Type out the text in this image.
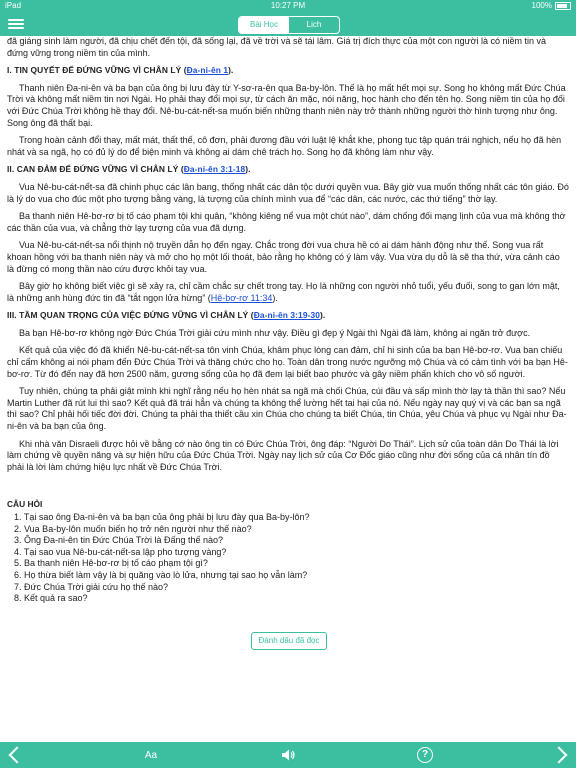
iPad	10:27 PM	100%
Bài Học	Lịch

đã giáng sinh làm người, đã chịu chết đến tội, đã sống lại, đã về trời và sẽ tái lâm. Giá trị đích thực của một con người là có niềm tin và đứng vững trong niềm tin của mình.

I. TIN QUYẾT ĐỂ ĐỨNG VỮNG VÌ CHÂN LÝ (Đa-ni-ên 1).

Thanh niên Đa-ni-ên và ba bạn của ông bị lưu đày từ Y-sơ-ra-ên qua Ba-by-lôn. Thế là họ mất hết mọi sự. Song họ không mất Đức Chúa Trời và không mất niềm tin nơi Ngài. Họ phải thay đổi mọi sự, từ cách ăn mặc, nói năng, học hành cho đến tên họ. Song niềm tin của họ đối với Đức Chúa Trời không hề thay đổi. Nê-bu-cát-nết-sa muốn biến những thanh niên này trở thành những người thờ hình tượng như ông. Song ông đã thất bại.

Trong hoàn cảnh đổi thay, mất mát, thất thế, cô đơn, phải đương đầu với luật lệ khắt khe, phong tục tập quán trái nghịch, nếu họ đã hèn nhát và sa ngã, họ có đủ lý do để biện minh và không ai dám chê trách họ. Song họ đã không làm như vậy.

II. CAN ĐẢM ĐỂ ĐỨNG VỮNG VÌ CHÂN LÝ (Đa-ni-ên 3:1-18).

Vua Nê-bu-cát-nết-sa đã chinh phục các lân bang, thống nhất các dân tộc dưới quyền vua. Bây giờ vua muốn thống nhất các tôn giáo. Đó là lý do vua cho đúc một pho tượng bằng vàng, là tượng của chính mình vua để “các dân, các nước, các thứ tiếng” thờ lạy.

Ba thanh niên Hê-bơ-rơ bị tố cáo phạm tội khi quân, “không kiêng nể vua một chút nào”, dám chống đối mạng lịnh của vua mà không thờ các thần của vua, và chẳng thờ lạy tượng của vua đã dựng.

Vua Nê-bu-cát-nết-sa nổi thịnh nộ truyền dẫn họ đến ngay. Chắc trong đời vua chưa hề có ai dám hành động như thế. Song vua rất khoan hồng với ba thanh niên này và mở cho họ một lối thoát, bảo rằng họ không có ý làm vậy. Vua vừa dụ dỗ là sẽ tha thứ, vừa cảnh cáo là đừng có mong thần nào cứu được khỏi tay vua.

Bây giờ họ không biết việc gì sẽ xảy ra, chỉ cầm chắc sự chết trong tay. Họ là những con người nhỏ tuổi, yếu đuối, song to gan lớn mật, là những anh hùng đức tin đã “tắt ngọn lửa hừng” (Hê-bơ-rơ 11:34).

III. TẦM QUAN TRỌNG CỦA VIỆC ĐỨNG VỮNG VÌ CHÂN LÝ (Đa-ni-ên 3:19-30).

Ba bạn Hê-bơ-rơ không ngờ Đức Chúa Trời giải cứu mình như vậy. Điều gì đẹp ý Ngài thì Ngài đã làm, không ai ngăn trở được.

Kết quả của việc đó đã khiến Nê-bu-cát-nết-sa tôn vinh Chúa, khâm phục lòng can đảm, chỉ hi sinh của ba bạn Hê-bơ-rơ. Vua ban chiếu chỉ cấm không ai nói phạm đến Đức Chúa Trời và thăng chức cho họ. Toàn dân trong nước ngưỡng mộ Chúa và có cảm tình với ba bạn Hê-bơ-rơ. Từ đó đến nay đã hơn 2500 năm, gương sống của họ đã đem lại biết bao phước và gây niềm phấn khích cho vô số người.

Tuy nhiên, chúng ta phải giật mình khi nghĩ rằng nếu họ hèn nhát sa ngã mà chối Chúa, cúi đầu và sấp mình thờ lạy tà thần thì sao? Nếu Martin Luther đã rút lui thì sao? Kết quả đã trái hẳn và chúng ta không thể lường hết tai hại của nó. Nếu ngày nay quý vị và các bạn sa ngã thì sao? Chỉ phải hối tiếc đời đời. Chúng ta phải tha thiết cầu xin Chúa cho chúng ta biết Chúa, tin Chúa, yêu Chúa và phục vụ Ngài như Đa-ni-ên và ba bạn của ông.

Khi nhà văn Disraeli được hỏi về bằng cớ nào ông tin có Đức Chúa Trời, ông đáp: “Người Do Thái”. Lịch sử của toàn dân Do Thái là lời làm chứng về quyền năng và sự hiện hữu của Đức Chúa Trời. Ngày nay lịch sử của Cơ Đốc giáo cũng như đời sống của cá nhân tín đồ phải là lời làm chứng hiệu lực nhất về Đức Chúa Trời.

CÂU HỎI
1. Tại sao ông Đa-ni-ên và ba bạn của ông phải bị lưu đày qua Ba-by-lôn?
2. Vua Ba-by-lôn muốn biến họ trở nên người như thế nào?
3. Ông Đa-ni-ên tin Đức Chúa Trời là Đấng thế nào?
4. Tại sao vua Nê-bu-cát-nết-sa lập pho tượng vàng?
5. Ba thanh niên Hê-bơ-rơ bị tố cáo phạm tội gì?
6. Họ thừa biết làm vậy là bị quăng vào lò lửa, nhưng tại sao họ vẫn làm?
7. Đức Chúa Trời giải cứu họ thế nào?
8. Kết quả ra sao?
Đánh dấu đã đọc
Aa	?
